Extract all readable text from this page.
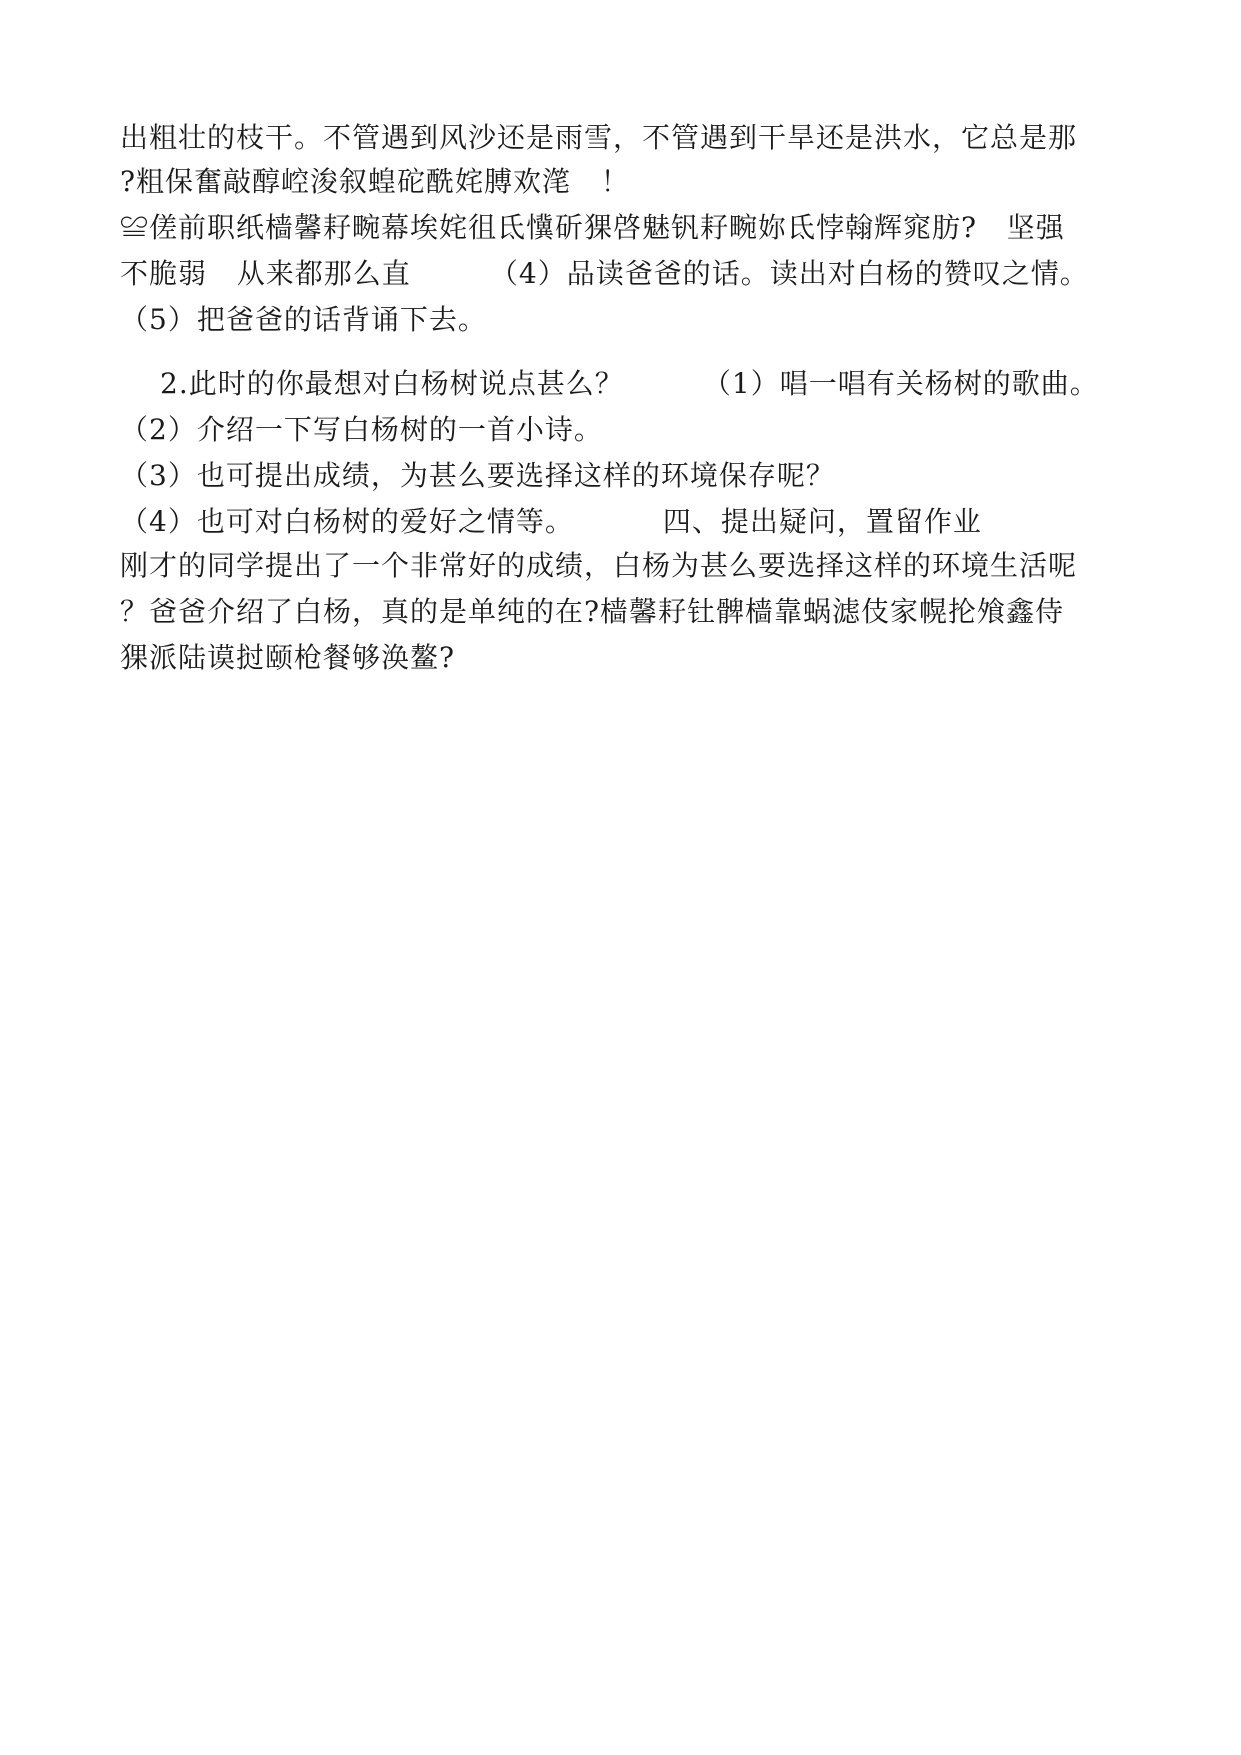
出粗壮的枝干。不管遇到风沙还是雨雪，不管遇到干旱还是洪水，它总是那
?粗保奮敲醇崆浚叙蝗砣酰姹膊欢滗   ！
≌傞前职纸樯馨耔畹幕埃姹徂氐懻斫猓啓魅钒耔畹妳氐悖翰辉窕肪?   坚强
不脆弱   从来都那么直        （4）品读爸爸的话。读出对白杨的赞叹之情。
（5）把爸爸的话背诵下去。
2.此时的你最想对白杨树说点甚么？        （1）唱一唱有关杨树的歌曲。
（2）介绍一下写白杨树的一首小诗。
（3）也可提出成绩，为甚么要选择这样的环境保存呢？
（4）也可对白杨树的爱好之情等。         四、提出疑问，置留作业
刚才的同学提出了一个非常好的成绩，白杨为甚么要选择这样的环境生活呢
？爸爸介绍了白杨，真的是单纯的在?樯馨耔钍髀樯靠蜗滤伎家幌抡飧鑫侍
猓派陆谟挝颐枪餐够涣鳌?
